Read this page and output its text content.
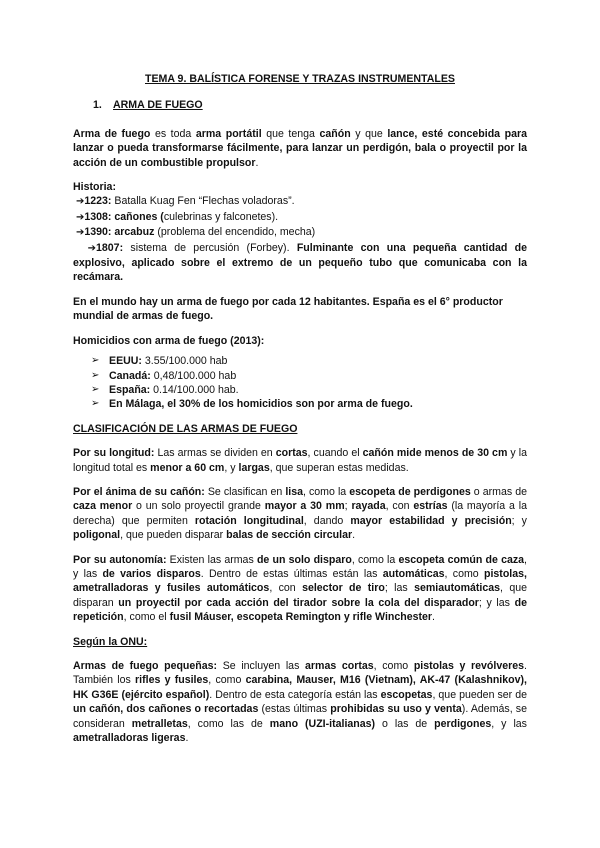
TEMA 9. BALÍSTICA FORENSE Y TRAZAS INSTRUMENTALES
1. ARMA DE FUEGO

Arma de fuego es toda arma portátil que tenga cañón y que lance, esté concebida para lanzar o pueda transformarse fácilmente, para lanzar un perdigón, bala o proyectil por la acción de un combustible propulsor.

Historia:
➔1223: Batalla Kuag Fen “Flechas voladoras”.
➔1308: cañones (culebrinas y falconetes).
➔1390: arcabuz (problema del encendido, mecha)
➔1807: sistema de percusión (Forbey). Fulminante con una pequeña cantidad de explosivo, aplicado sobre el extremo de un pequeño tubo que comunicaba con la recámara.

En el mundo hay un arma de fuego por cada 12 habitantes. España es el 6° productor mundial de armas de fuego.

Homicidios con arma de fuego (2013):

➢ EEUU: 3.55/100.000 hab
➢ Canadá: 0,48/100.000 hab
➢ España: 0.14/100.000 hab.
➢ En Málaga, el 30% de los homicidios son por arma de fuego.

CLASIFICACIÓN DE LAS ARMAS DE FUEGO

Por su longitud: Las armas se dividen en cortas, cuando el cañón mide menos de 30 cm y la longitud total es menor a 60 cm, y largas, que superan estas medidas.

Por el ánima de su cañón: Se clasifican en lisa, como la escopeta de perdigones o armas de caza menor o un solo proyectil grande mayor a 30 mm; rayada, con estrías (la mayoría a la derecha) que permiten rotación longitudinal, dando mayor estabilidad y precisión; y poligonal, que pueden disparar balas de sección circular.

Por su autonomía: Existen las armas de un solo disparo, como la escopeta común de caza, y las de varios disparos. Dentro de estas últimas están las automáticas, como pistolas, ametralladoras y fusiles automáticos, con selector de tiro; las semiautomáticas, que disparan un proyectil por cada acción del tirador sobre la cola del disparador; y las de repetición, como el fusil Máuser, escopeta Remington y rifle Winchester.

Según la ONU:

Armas de fuego pequeñas: Se incluyen las armas cortas, como pistolas y revólveres. También los rifles y fusiles, como carabina, Mauser, M16 (Vietnam), AK-47 (Kalashnikov), HK G36E (ejército español). Dentro de esta categoría están las escopetas, que pueden ser de un cañón, dos cañones o recortadas (estas últimas prohibidas su uso y venta). Además, se consideran metralletas, como las de mano (UZI-italianas) o las de perdigones, y las ametralladoras ligeras.
